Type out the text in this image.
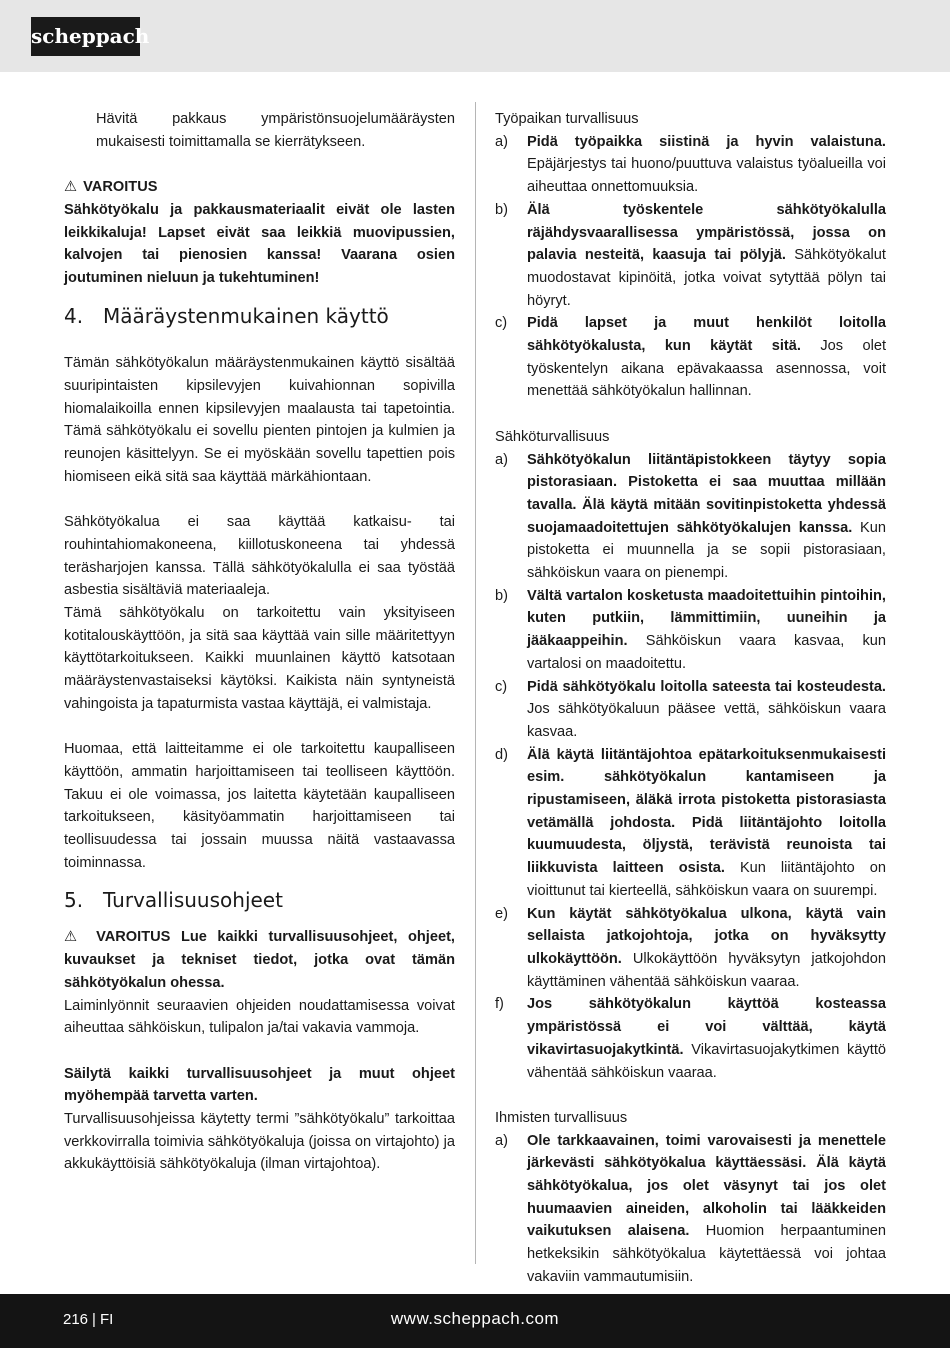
scheppach

Hävitä pakkaus ympäristönsuojelumääräysten mukaisesti toimittamalla se kierrätykseen.

⚠ VAROITUS

Sähkötyökalu ja pakkausmateriaalit eivät ole lasten leikkikaluja! Lapset eivät saa leikkiä muovipussien, kalvojen tai pienosien kanssa! Vaarana osien joutuminen nieluun ja tukehtuminen!

4. Määräystenmukainen käyttö

Tämän sähkötyökalun määräystenmukainen käyttö sisältää suuripintaisten kipsilevyjen kuivahionnan sopivilla hiomalaikoilla ennen kipsilevyjen maalausta tai tapetointia. Tämä sähkötyökalu ei sovellu pienten pintojen ja kulmien ja reunojen käsittelyyn. Se ei myöskään sovellu tapettien pois hiomiseen eikä sitä saa käyttää märkähiontaan.

Sähkötyökalua ei saa käyttää katkaisu- tai rouhintahiomakoneena, kiillotuskoneena tai yhdessä teräsharjojen kanssa. Tällä sähkötyökalulla ei saa työstää asbestia sisältäviä materiaaleja.

Tämä sähkötyökalu on tarkoitettu vain yksityiseen kotitalouskäyttöön, ja sitä saa käyttää vain sille määritettyyn käyttötarkoitukseen. Kaikki muunlainen käyttö katsotaan määräystenvastaiseksi käytöksi. Kaikista näin syntyneistä vahingoista ja tapaturmista vastaa käyttäjä, ei valmistaja.

Huomaa, että laitteitamme ei ole tarkoitettu kaupalliseen käyttöön, ammatin harjoittamiseen tai teolliseen käyttöön. Takuu ei ole voimassa, jos laitetta käytetään kaupalliseen tarkoitukseen, käsityöammatin harjoittamiseen tai teollisuudessa tai jossain muussa näitä vastaavassa toiminnassa.

5. Turvallisuusohjeet

⚠ VAROITUS Lue kaikki turvallisuusohjeet, ohjeet, kuvaukset ja tekniset tiedot, jotka ovat tämän sähkötyökalun ohessa.

Laiminlyönnit seuraavien ohjeiden noudattamisessa voivat aiheuttaa sähköiskun, tulipalon ja/tai vakavia vammoja.

Säilytä kaikki turvallisuusohjeet ja muut ohjeet myöhempää tarvetta varten.

Turvallisuusohjeissa käytetty termi ”sähkötyökalu” tarkoittaa verkkovirralla toimivia sähkötyökaluja (joissa on virtajohto) ja akkukäyttöisiä sähkötyökaluja (ilman virtajohtoa).

Työpaikan turvallisuus

a) Pidä työpaikka siistinä ja hyvin valaistuna. Epäjärjestys tai huono/puuttuva valaistus työalueilla voi aiheuttaa onnettomuuksia.
b) Älä työskentele sähkötyökalulla räjähdysvaarallisessa ympäristössä, jossa on palavia nesteitä, kaasuja tai pölyjä. Sähkötyökalut muodostavat kipinöitä, jotka voivat sytyttää pölyn tai höyryt.
c) Pidä lapset ja muut henkilöt loitolla sähkötyökalusta, kun käytät sitä. Jos olet työskentelyn aikana epävakaassa asennossa, voit menettää sähkötyökalun hallinnan.

Sähköturvallisuus

a) Sähkötyökalun liitäntäpistokkeen täytyy sopia pistorasiaan. Pistoketta ei saa muuttaa millään tavalla. Älä käytä mitään sovitinpistoketta yhdessä suojamaadoitettujen sähkötyökalujen kanssa. Kun pistoketta ei muunnella ja se sopii pistorasiaan, sähköiskun vaara on pienempi.
b) Vältä vartalon kosketusta maadoitettuihin pintoihin, kuten putkiin, lämmittimiin, uuneihin ja jääkaappeihin. Sähköiskun vaara kasvaa, kun vartalosi on maadoitettu.
c) Pidä sähkötyökalu loitolla sateesta tai kosteudesta. Jos sähkötyökaluun pääsee vettä, sähköiskun vaara kasvaa.
d) Älä käytä liitäntäjohtoa epätarkoituksenmukaisesti esim. sähkötyökalun kantamiseen ja ripustamiseen, äläkä irrota pistoketta pistorasiasta vetämällä johdosta. Pidä liitäntäjohto loitolla kuumuudesta, öljystä, terävistä reunoista tai liikkuvista laitteen osista. Kun liitäntäjohto on vioittunut tai kierteellä, sähköiskun vaara on suurempi.
e) Kun käytät sähkötyökalua ulkona, käytä vain sellaista jatkojohtoja, jotka on hyväksytty ulkokäyttöön. Ulkokäyttöön hyväksytyn jatkojohdon käyttäminen vähentää sähköiskun vaaraa.
f) Jos sähkötyökalun käyttöä kosteassa ympäristössä ei voi välttää, käytä vikavirtasuojakytkintä. Vikavirtasuojakytkimen käyttö vähentää sähköiskun vaaraa.

Ihmisten turvallisuus

a) Ole tarkkaavainen, toimi varovaisesti ja menettele järkevästi sähkötyökalua käyttäessäsi. Älä käytä sähkötyökalua, jos olet väsynyt tai jos olet huumaavien aineiden, alkoholin tai lääkkeiden vaikutuksen alaisena. Huomion herpaantuminen hetkeksikin sähkötyökalua käytettäessä voi johtaa vakaviin vammautumisiin.
216 | FI	www.scheppach.com
